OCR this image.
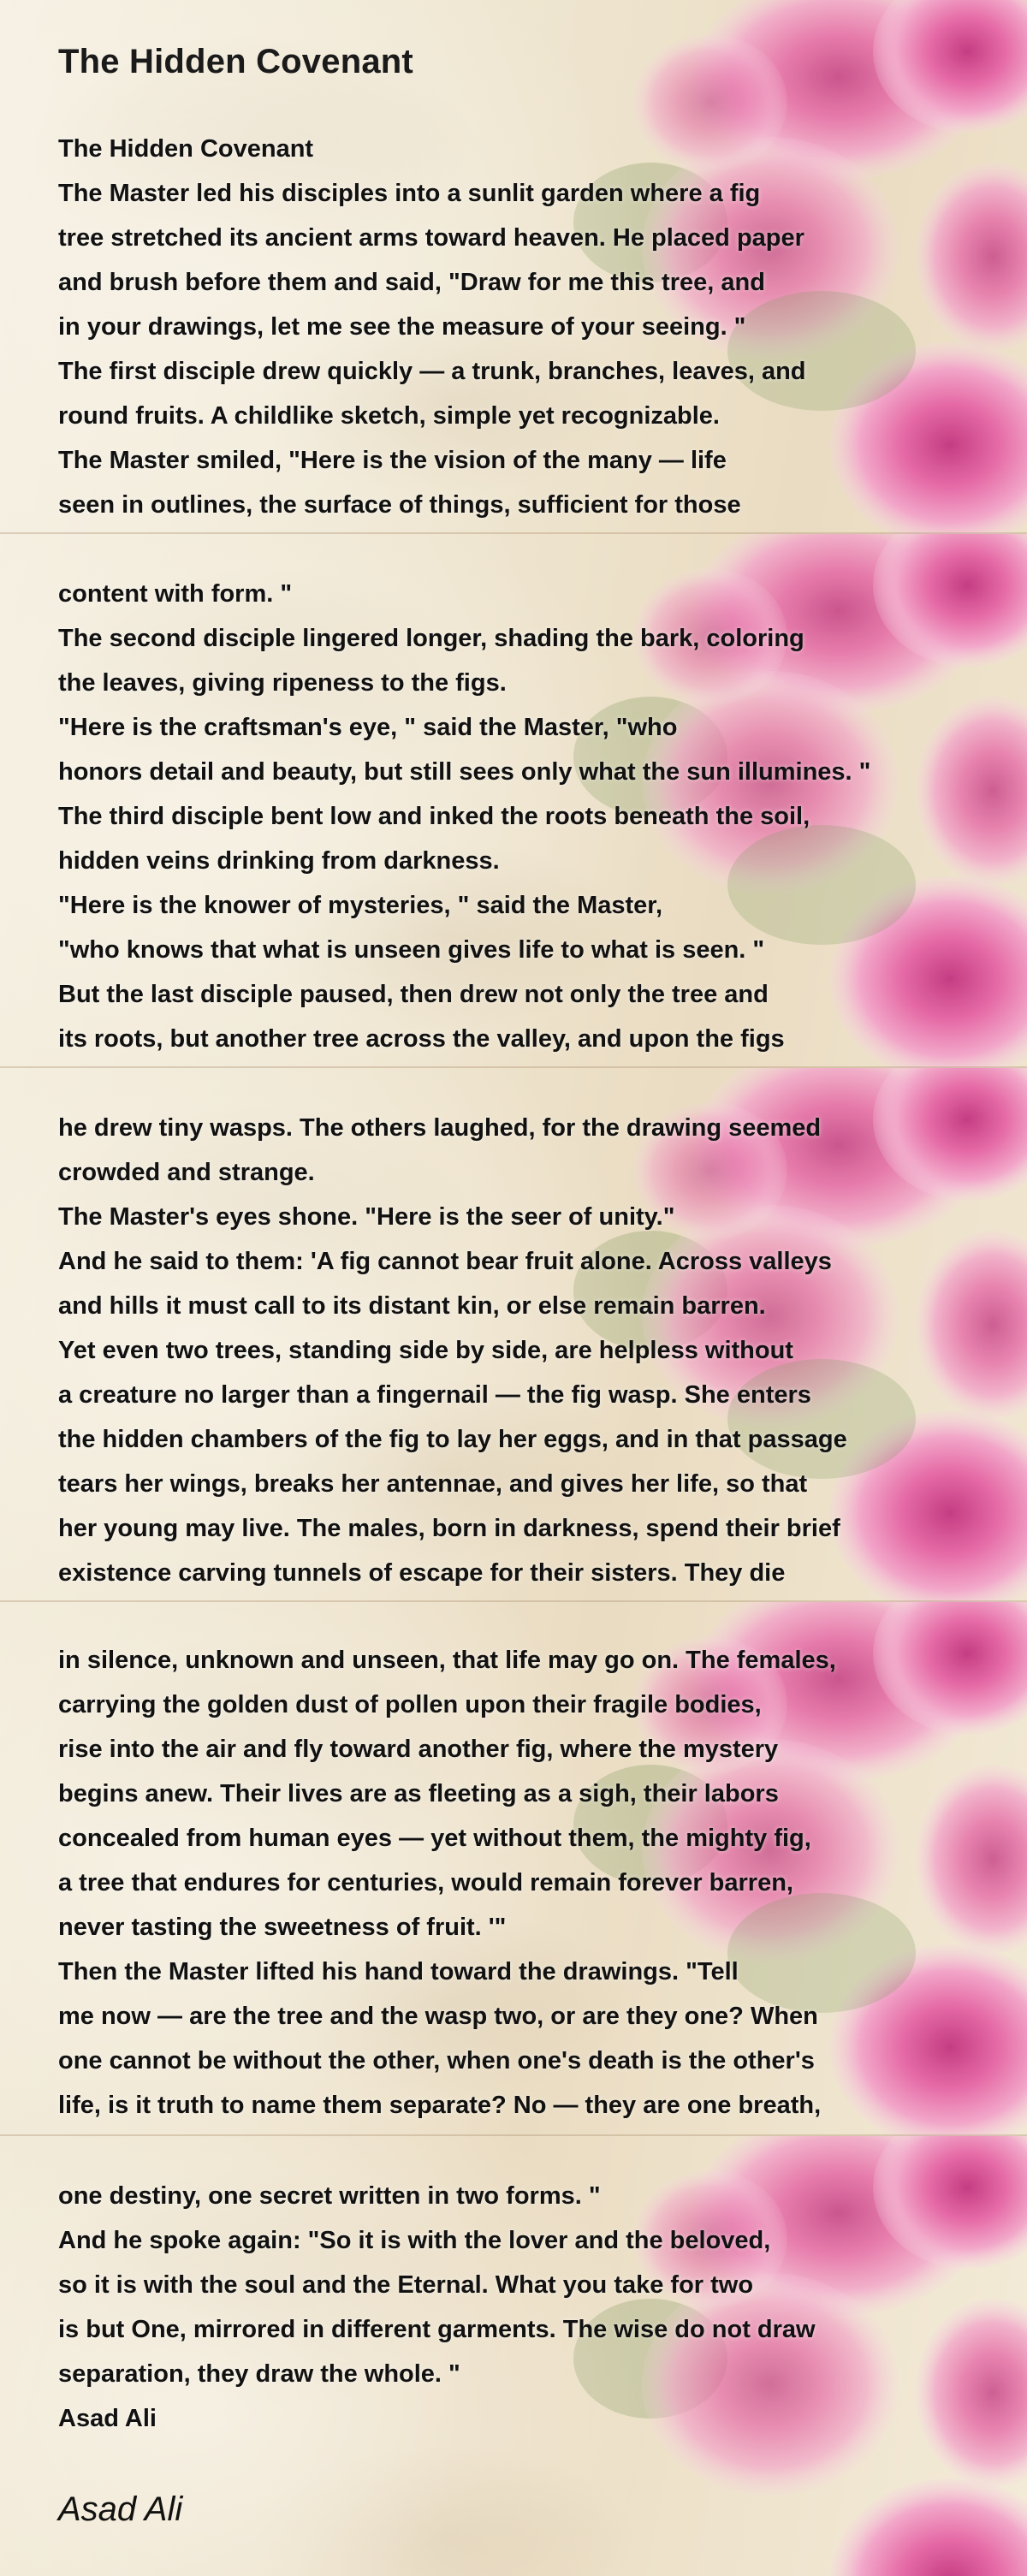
The Hidden Covenant
The Hidden Covenant
The Master led his disciples into a sunlit garden where a fig
tree stretched its ancient arms toward heaven. He placed paper
and brush before them and said, "Draw for me this tree, and
in your drawings, let me see the measure of your seeing. "
The first disciple drew quickly — a trunk, branches, leaves, and
round fruits. A childlike sketch, simple yet recognizable.
The Master smiled, "Here is the vision of the many — life
seen in outlines, the surface of things, sufficient for those
content with form. "
The second disciple lingered longer, shading the bark, coloring
the leaves, giving ripeness to the figs.
"Here is the craftsman's eye, " said the Master, "who
honors detail and beauty, but still sees only what the sun illumines. "
The third disciple bent low and inked the roots beneath the soil,
hidden veins drinking from darkness.
"Here is the knower of mysteries, " said the Master,
"who knows that what is unseen gives life to what is seen. "
But the last disciple paused, then drew not only the tree and
its roots, but another tree across the valley, and upon the figs
he drew tiny wasps. The others laughed, for the drawing seemed
crowded and strange.
The Master's eyes shone. "Here is the seer of unity."
And he said to them: 'A fig cannot bear fruit alone. Across valleys
and hills it must call to its distant kin, or else remain barren.
Yet even two trees, standing side by side, are helpless without
a creature no larger than a fingernail — the fig wasp. She enters
the hidden chambers of the fig to lay her eggs, and in that passage
tears her wings, breaks her antennae, and gives her life, so that
her young may live. The males, born in darkness, spend their brief
existence carving tunnels of escape for their sisters. They die
in silence, unknown and unseen, that life may go on. The females,
carrying the golden dust of pollen upon their fragile bodies,
rise into the air and fly toward another fig, where the mystery
begins anew. Their lives are as fleeting as a sigh, their labors
concealed from human eyes — yet without them, the mighty fig,
a tree that endures for centuries, would remain forever barren,
never tasting the sweetness of fruit. '"
Then the Master lifted his hand toward the drawings. "Tell
me now — are the tree and the wasp two, or are they one? When
one cannot be without the other, when one's death is the other's
life, is it truth to name them separate? No — they are one breath,
one destiny, one secret written in two forms. "
And he spoke again: "So it is with the lover and the beloved,
so it is with the soul and the Eternal. What you take for two
is but One, mirrored in different garments. The wise do not draw
separation, they draw the whole. "
Asad Ali

Asad Ali
